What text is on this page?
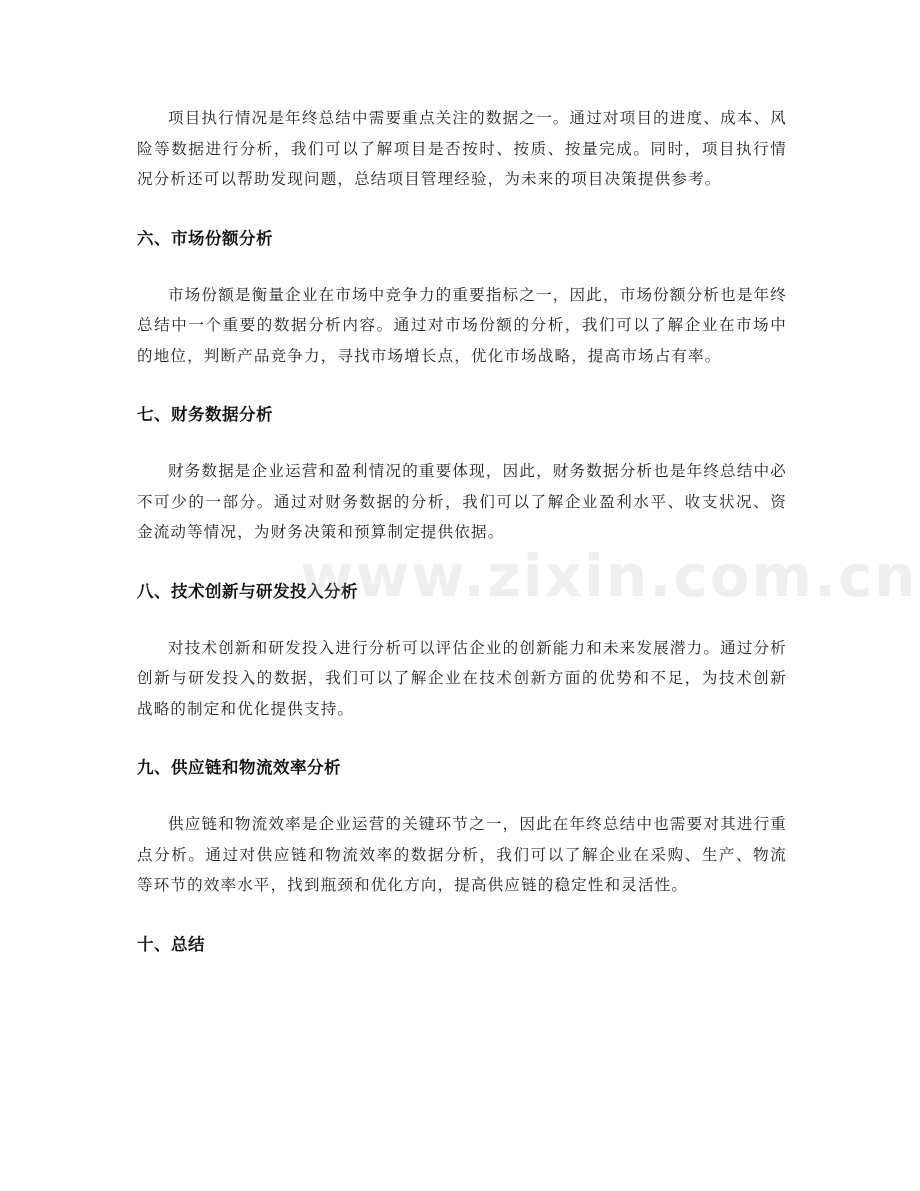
项目执行情况是年终总结中需要重点关注的数据之一。通过对项目的进度、成本、风险等数据进行分析，我们可以了解项目是否按时、按质、按量完成。同时，项目执行情况分析还可以帮助发现问题，总结项目管理经验，为未来的项目决策提供参考。

六、市场份额分析

市场份额是衡量企业在市场中竞争力的重要指标之一，因此，市场份额分析也是年终总结中一个重要的数据分析内容。通过对市场份额的分析，我们可以了解企业在市场中的地位，判断产品竞争力，寻找市场增长点，优化市场战略，提高市场占有率。

七、财务数据分析

财务数据是企业运营和盈利情况的重要体现，因此，财务数据分析也是年终总结中必不可少的一部分。通过对财务数据的分析，我们可以了解企业盈利水平、收支状况、资金流动等情况，为财务决策和预算制定提供依据。

八、技术创新与研发投入分析

对技术创新和研发投入进行分析可以评估企业的创新能力和未来发展潜力。通过分析创新与研发投入的数据，我们可以了解企业在技术创新方面的优势和不足，为技术创新战略的制定和优化提供支持。

九、供应链和物流效率分析

供应链和物流效率是企业运营的关键环节之一，因此在年终总结中也需要对其进行重点分析。通过对供应链和物流效率的数据分析，我们可以了解企业在采购、生产、物流等环节的效率水平，找到瓶颈和优化方向，提高供应链的稳定性和灵活性。

十、总结
www.zixin.com.cn
